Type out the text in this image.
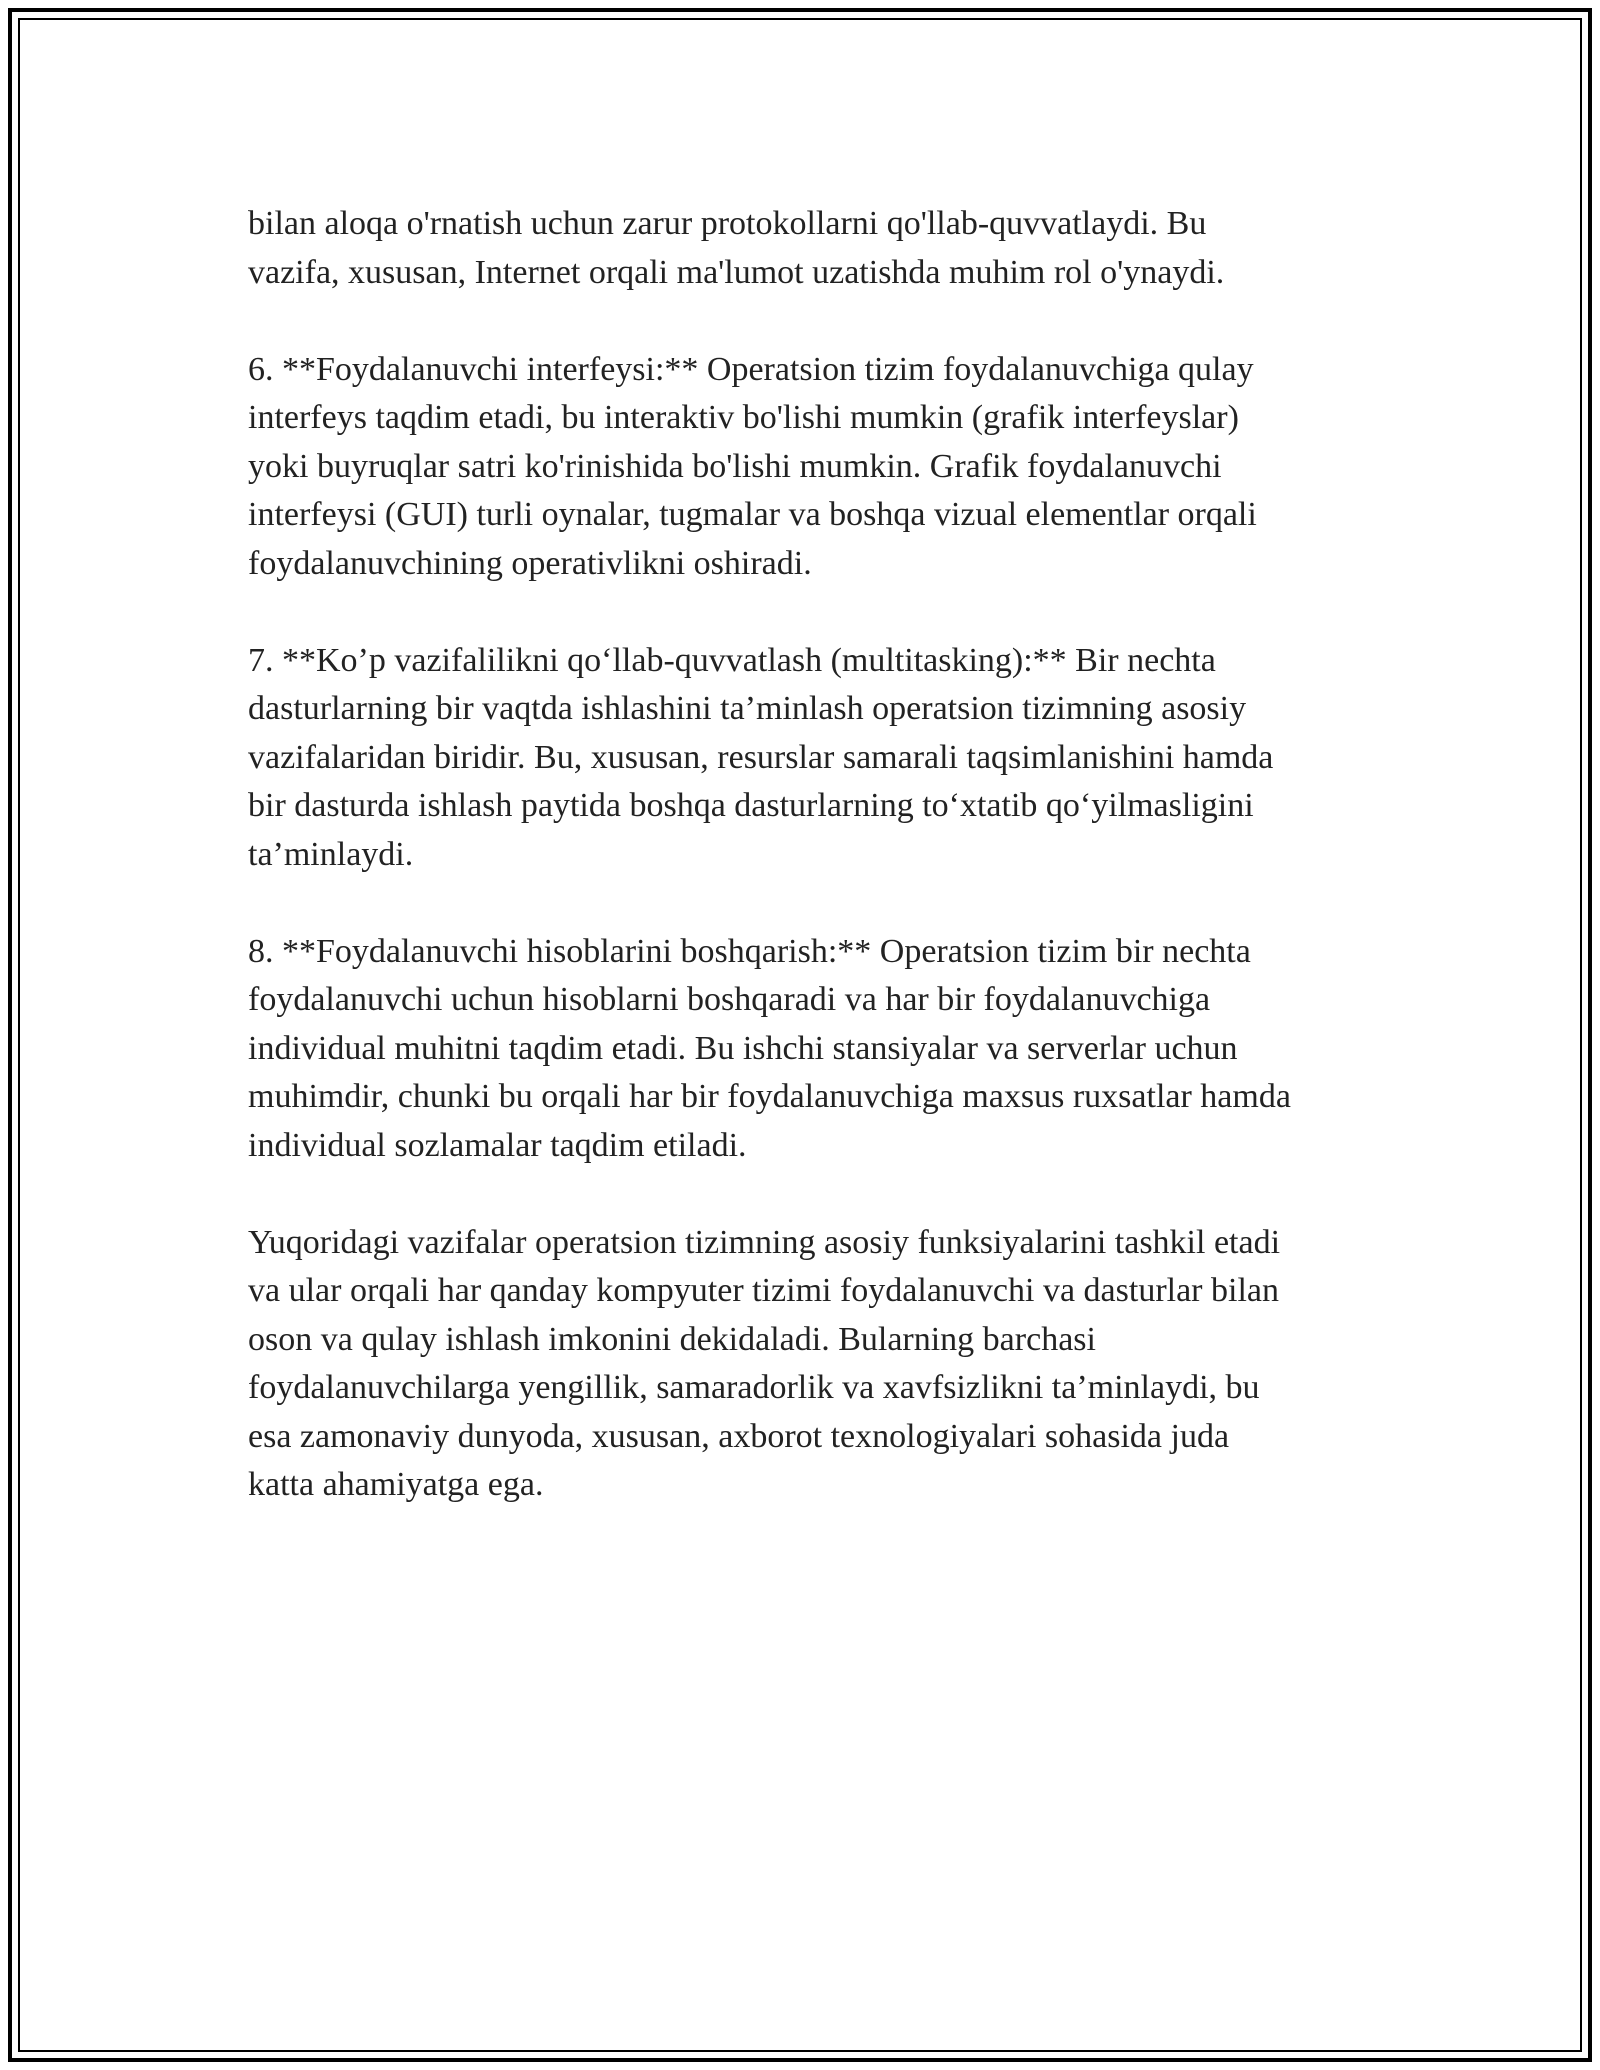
bilan aloqa o'rnatish uchun zarur protokollarni qo'llab-quvvatlaydi. Bu
vazifa, xususan, Internet orqali ma'lumot uzatishda muhim rol o'ynaydi.

6. **Foydalanuvchi interfeysi:** Operatsion tizim foydalanuvchiga qulay
interfeys taqdim etadi, bu interaktiv bo'lishi mumkin (grafik interfeyslar)
yoki buyruqlar satri ko'rinishida bo'lishi mumkin. Grafik foydalanuvchi
interfeysi (GUI) turli oynalar, tugmalar va boshqa vizual elementlar orqali
foydalanuvchining operativlikni oshiradi.

7. **Ko’p vazifalilikni qo‘llab-quvvatlash (multitasking):** Bir nechta
dasturlarning bir vaqtda ishlashini ta’minlash operatsion tizimning asosiy
vazifalaridan biridir. Bu, xususan, resurslar samarali taqsimlanishini hamda
bir dasturda ishlash paytida boshqa dasturlarning to‘xtatib qo‘yilmasligini
ta’minlaydi.

8. **Foydalanuvchi hisoblarini boshqarish:** Operatsion tizim bir nechta
foydalanuvchi uchun hisoblarni boshqaradi va har bir foydalanuvchiga
individual muhitni taqdim etadi. Bu ishchi stansiyalar va serverlar uchun
muhimdir, chunki bu orqali har bir foydalanuvchiga maxsus ruxsatlar hamda
individual sozlamalar taqdim etiladi.

Yuqoridagi vazifalar operatsion tizimning asosiy funksiyalarini tashkil etadi
va ular orqali har qanday kompyuter tizimi foydalanuvchi va dasturlar bilan
oson va qulay ishlash imkonini dekidaladi. Bularning barchasi
foydalanuvchilarga yengillik, samaradorlik va xavfsizlikni ta’minlaydi, bu
esa zamonaviy dunyoda, xususan, axborot texnologiyalari sohasida juda
katta ahamiyatga ega.
